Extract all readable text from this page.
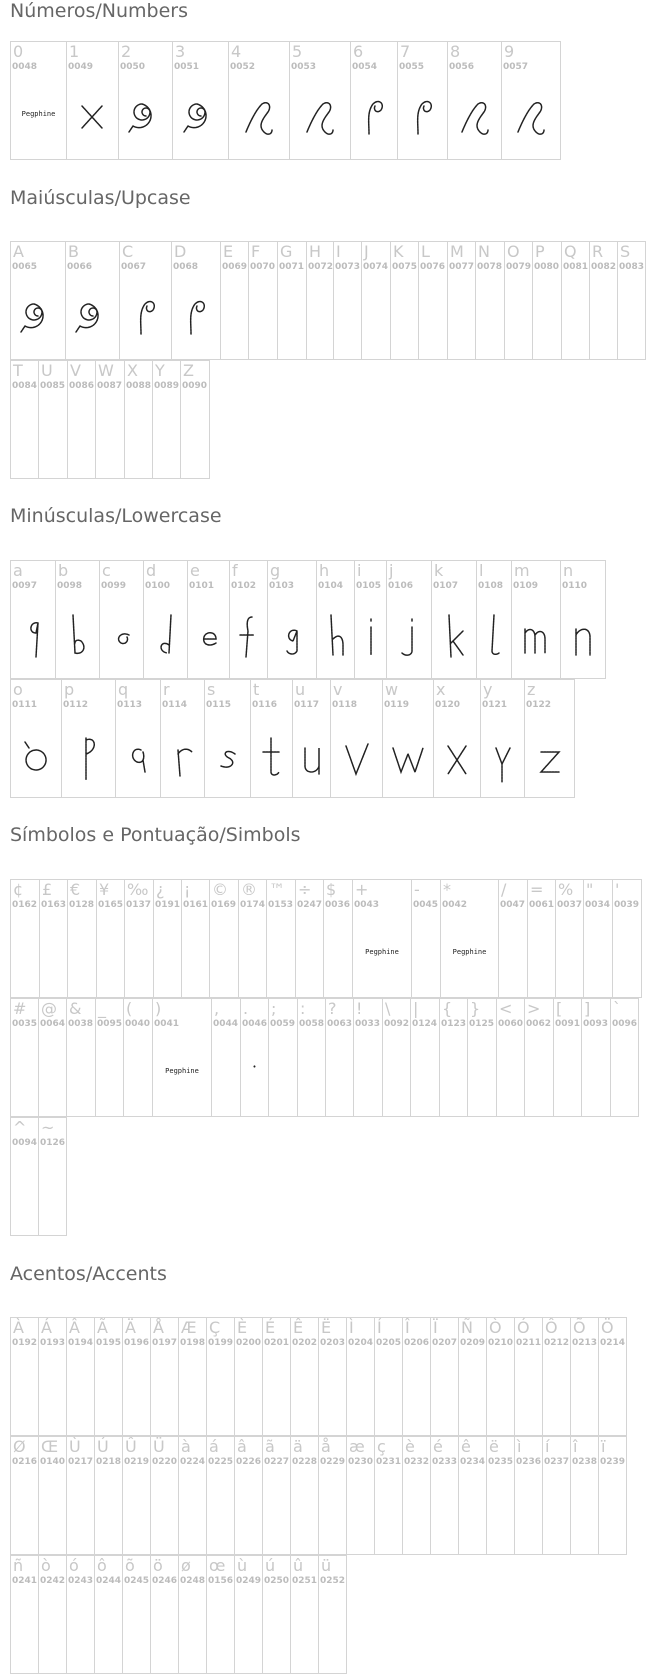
Números/Numbers
0
0048
Pegphine
1
0049
2
0050
3
0051
4
0052
5
0053
6
0054
7
0055
8
0056
9
0057
Maiúsculas/Upcase
A
0065
B
0066
C
0067
D
0068
E
0069
F
0070
G
0071
H
0072
I
0073
J
0074
K
0075
L
0076
M
0077
N
0078
O
0079
P
0080
Q
0081
R
0082
S
0083
T
0084
U
0085
V
0086
W
0087
X
0088
Y
0089
Z
0090
Minúsculas/Lowercase
a
0097
b
0098
c
0099
d
0100
e
0101
f
0102
g
0103
h
0104
i
0105
j
0106
k
0107
l
0108
m
0109
n
0110
o
0111
p
0112
q
0113
r
0114
s
0115
t
0116
u
0117
v
0118
w
0119
x
0120
y
0121
z
0122
Símbolos e Pontuação/Simbols
¢
0162
£
0163
€
0128
¥
0165
‰
0137
¿
0191
¡
0161
©
0169
®
0174
™
0153
÷
0247
$
0036
+
0043
Pegphine
-
0045
*
0042
Pegphine
/
0047
=
0061
%
0037
"
0034
'
0039
#
0035
@
0064
&
0038
_
0095
(
0040
)
0041
Pegphine
,
0044
.
0046
•
;
0059
:
0058
?
0063
!
0033
\
0092
|
0124
{
0123
}
0125
<
0060
>
0062
[
0091
]
0093
`
0096
^
0094
~
0126
Acentos/Accents
À
0192
Á
0193
Â
0194
Ã
0195
Ä
0196
Å
0197
Æ
0198
Ç
0199
È
0200
É
0201
Ê
0202
Ë
0203
Ì
0204
Í
0205
Î
0206
Ï
0207
Ñ
0209
Ò
0210
Ó
0211
Ô
0212
Õ
0213
Ö
0214
Ø
0216
Œ
0140
Ù
0217
Ú
0218
Û
0219
Ü
0220
à
0224
á
0225
â
0226
ã
0227
ä
0228
å
0229
æ
0230
ç
0231
è
0232
é
0233
ê
0234
ë
0235
ì
0236
í
0237
î
0238
ï
0239
ñ
0241
ò
0242
ó
0243
ô
0244
õ
0245
ö
0246
ø
0248
œ
0156
ù
0249
ú
0250
û
0251
ü
0252
